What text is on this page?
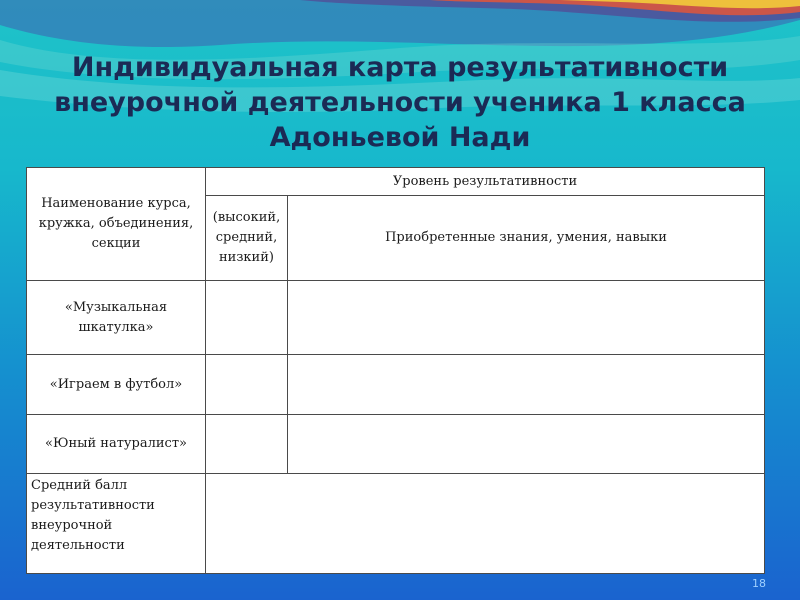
Индивидуальная карта результативности
внеурочной деятельности ученика 1 класса
Адоньевой Нади
Наименование курса, кружка, объединения, секции	Уровень результативности	
	(высокий, средний, низкий)	Приобретенные знания, умения, навыки
«Музыкальная шкатулка»		
«Играем в футбол»		
«Юный натуралист»		
Средний балл результативности внеурочной деятельности		
18
